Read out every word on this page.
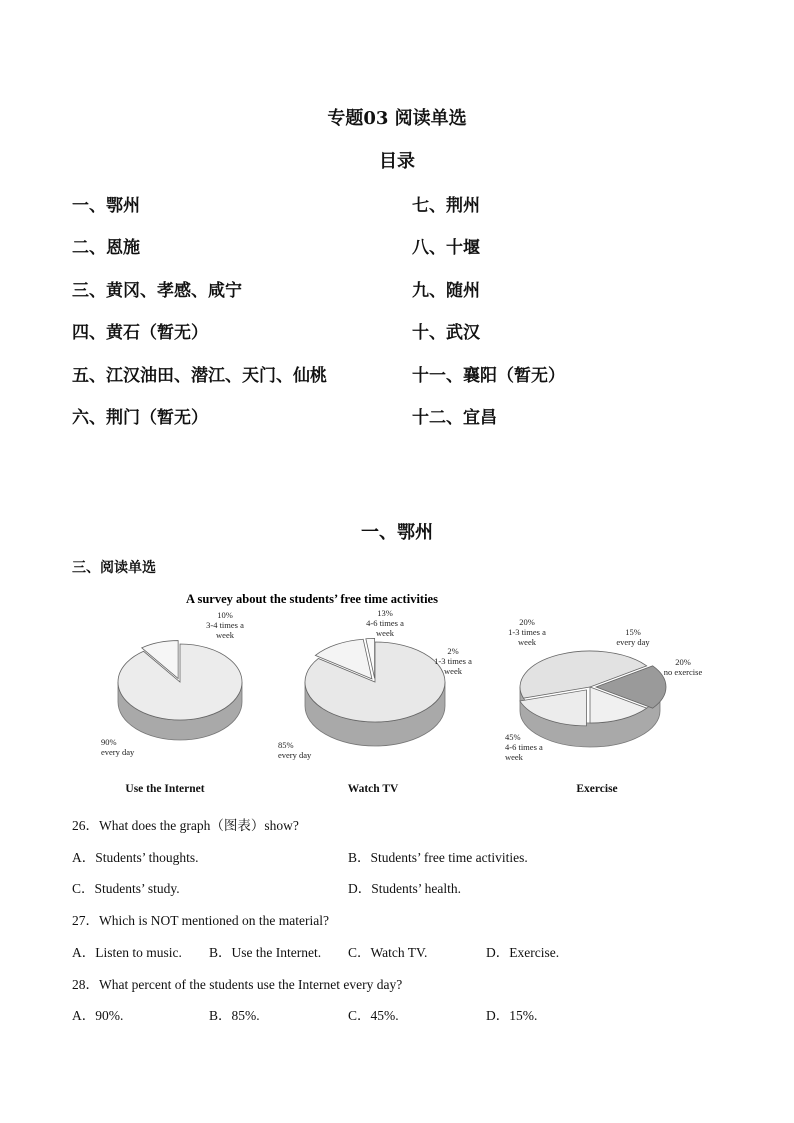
专题03 阅读单选
目录
一、鄂州
二、恩施
三、黄冈、孝感、咸宁
四、黄石（暂无）
五、江汉油田、潜江、天门、仙桃
六、荆门（暂无）
七、荆州
八、十堰
九、随州
十、武汉
十一、襄阳（暂无）
十二、宜昌
一、鄂州
三、阅读单选
A survey about the students’ free time activities
90% every day
10% 3-4 times a week
Use the Internet
85% every day
13% 4-6 times a week
2% 1-3 times a week
Watch TV
45% 4-6 times a week
20% 1-3 times a week
15% every day
20% no exercise
Exercise
26．What does the graph（图表）show?
A．Students’ thoughts.	B．Students’ free time activities.
C．Students’ study.	D．Students’ health.
27．Which is NOT mentioned on the material?
A．Listen to music. B．Use the Internet. C．Watch TV.	D．Exercise.
28．What percent of the students use the Internet every day?
A．90%.	B．85%.	C．45%.	D．15%.
